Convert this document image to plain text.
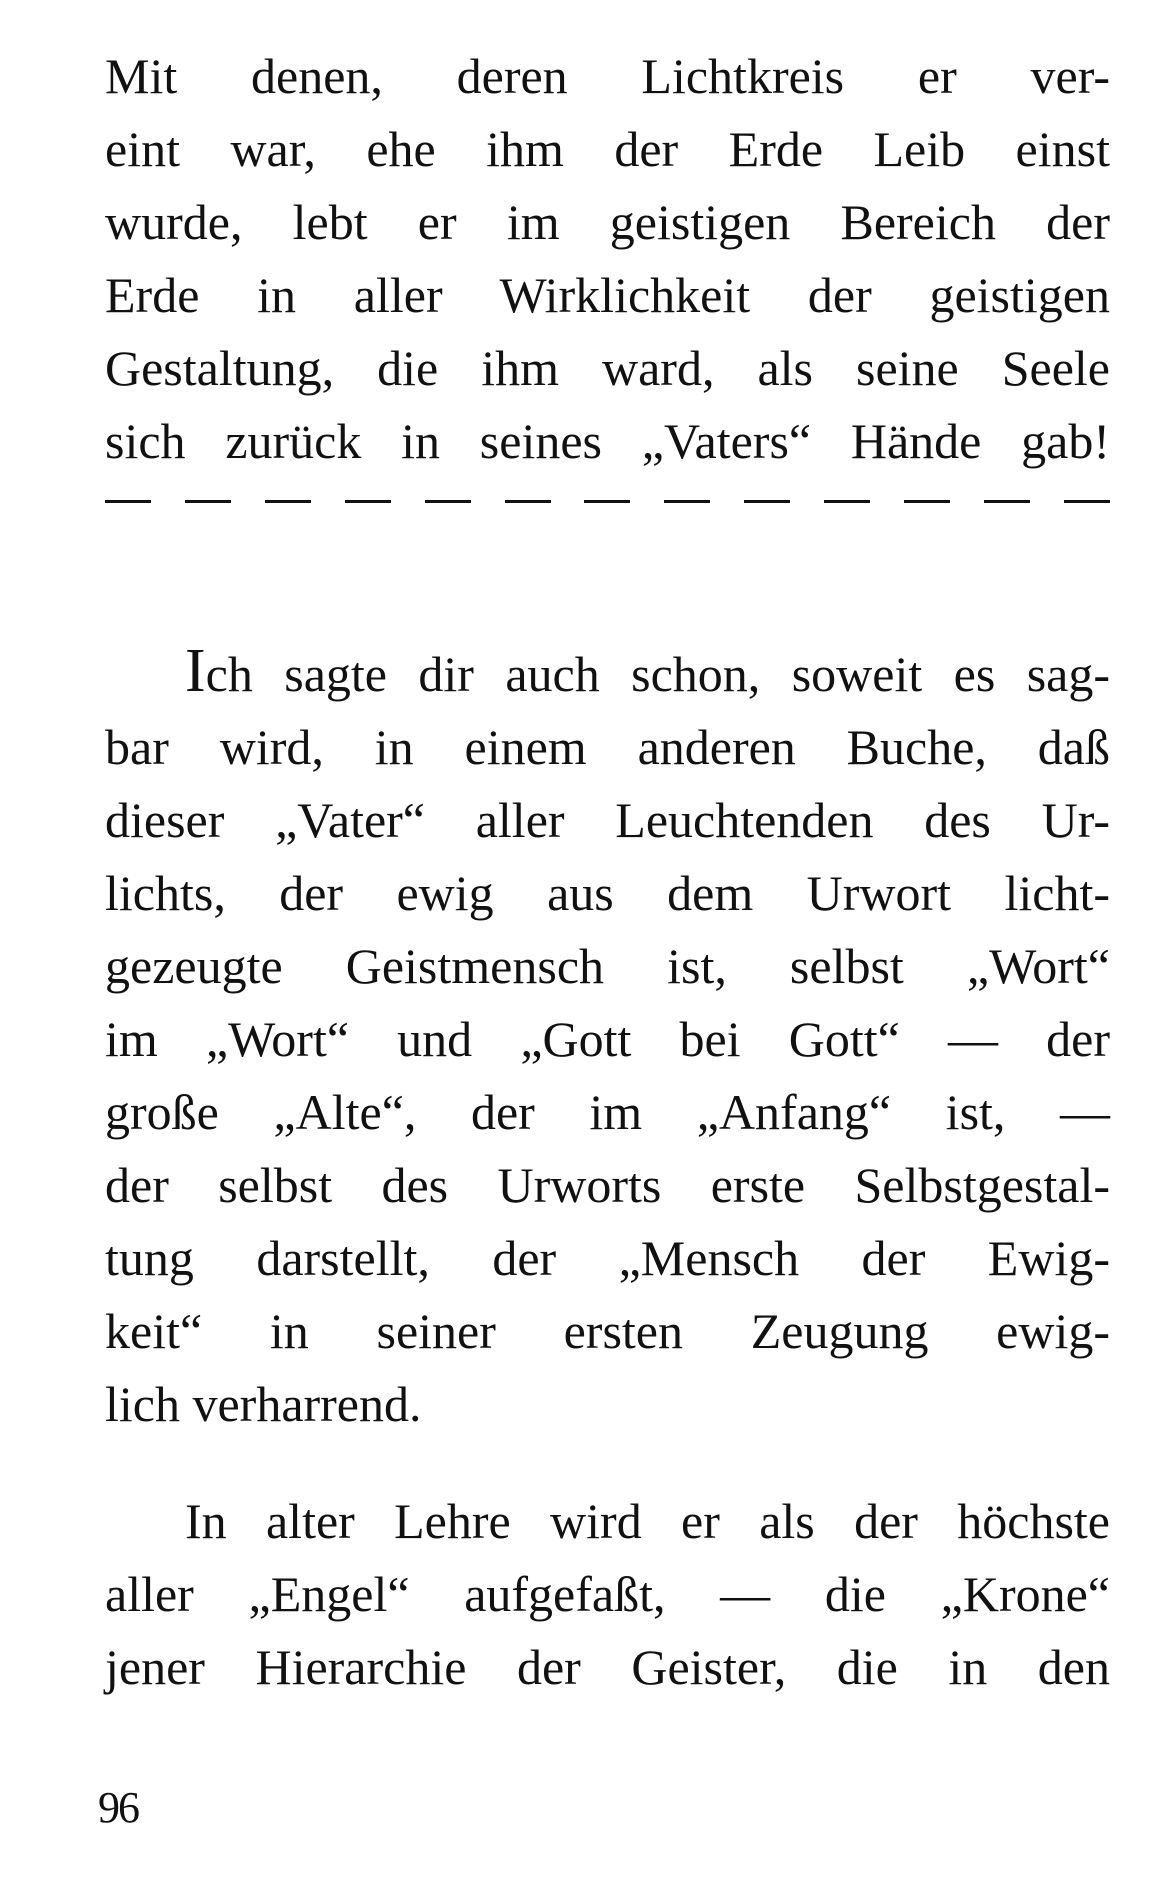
Mit denen, deren Lichtkreis er ver-
eint war, ehe ihm der Erde Leib einst
wurde, lebt er im geistigen Bereich der
Erde in aller Wirklichkeit der geistigen
Gestaltung, die ihm ward, als seine Seele
sich zurück in seines „Vaters“ Hände gab!
Ich sagte dir auch schon, soweit es sag-
bar wird, in einem anderen Buche, daß
dieser „Vater“ aller Leuchtenden des Ur-
lichts, der ewig aus dem Urwort licht-
gezeugte Geistmensch ist, selbst „Wort“
im „Wort“ und „Gott bei Gott“ — der
große „Alte“, der im „Anfang“ ist, —
der selbst des Urworts erste Selbstgestal-
tung darstellt, der „Mensch der Ewig-
keit“ in seiner ersten Zeugung ewig-
lich verharrend.
In alter Lehre wird er als der höchste
aller „Engel“ aufgefaßt, — die „Krone“
jener Hierarchie der Geister, die in den
96
